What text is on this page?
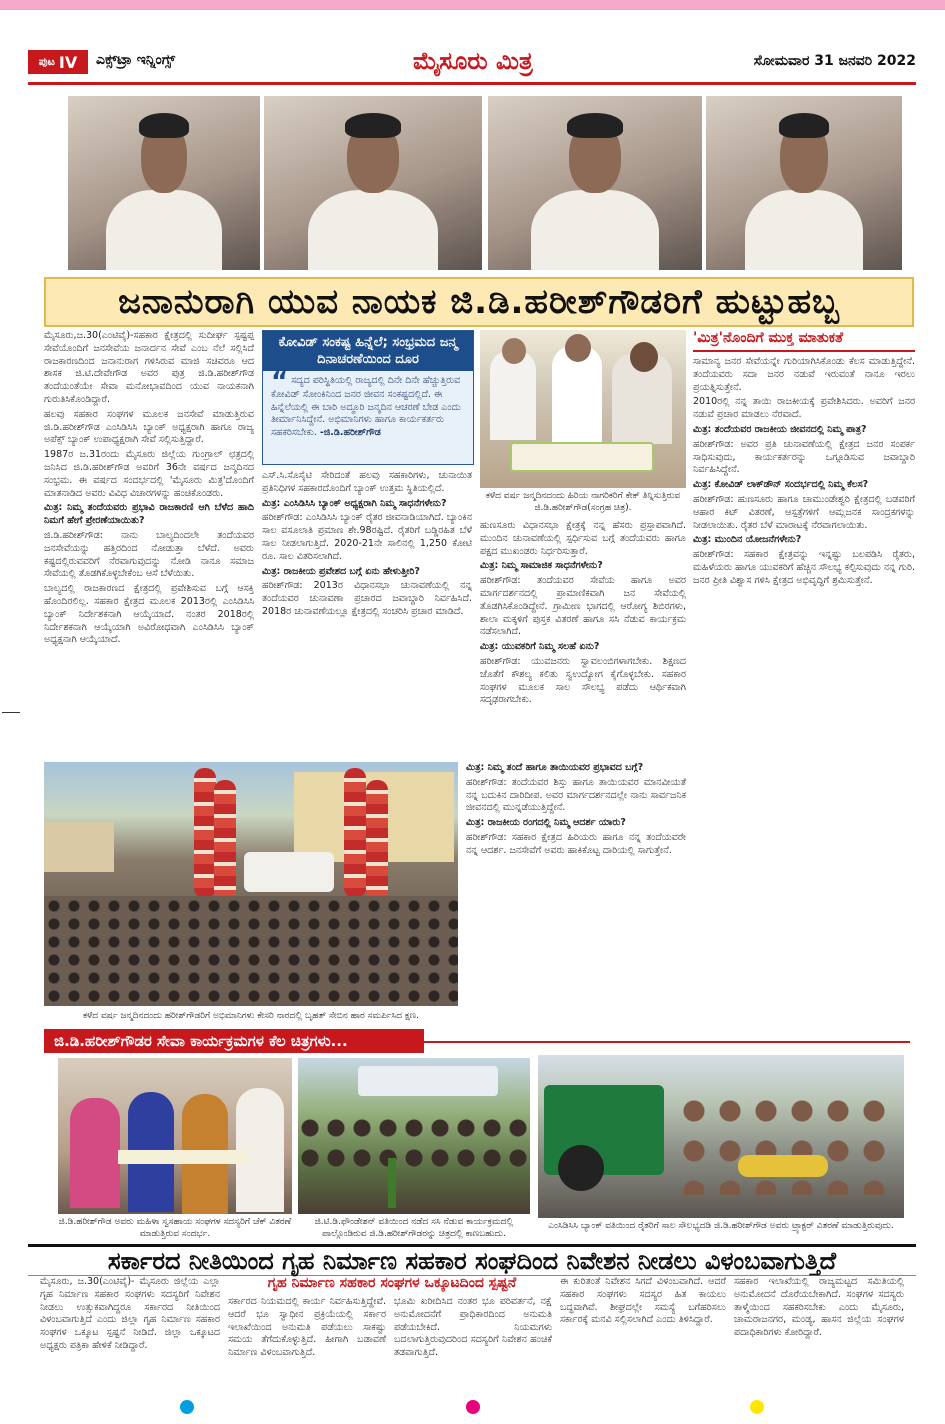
ಪುಟ IV ಎಕ್ಸ್‌ಟ್ರಾ ಇನ್ನಿಂಗ್ಸ್	ಮೈಸೂರು ಮಿತ್ರ	ಸೋಮವಾರ 31 ಜನವರಿ 2022
ಜನಾನುರಾಗಿ ಯುವ ನಾಯಕ ಜಿ.ಡಿ.ಹರೀಶ್‌ಗೌಡರಿಗೆ ಹುಟ್ಟುಹಬ್ಬ

ಮೈಸೂರು,ಜ.30(ಎಂಟಿವೈ)-ಸಹಕಾರ ಕ್ಷೇತ್ರದಲ್ಲಿ ಸುದೀರ್ಘ ಸ್ಪಷ್ಟಪ್ಪ ಸೇವೆಯೊಂದಿಗೆ ಜನಸೇವೆಯ ಜನಾರ್ದನ ಸೇವೆ ಎಂಬ ನೆಲೆ ಸಲ್ಲಿಸಿದೆ ರಾಜಕಾರಣದಿಂದ ಜನಾನುರಾಗ ಗಳಿಸಿರುವ ಮಾಜಿ ಸಚಿವರೂ ಆದ ಶಾಸಕ ಜಿ.ಟಿ.ದೇವೇಗೌಡ ಅವರ ಪುತ್ರ ಜಿ.ಡಿ.ಹರೀಶ್‌ಗೌಡ ತಂದೆಯಂತೆಯೇ ಸೇವಾ ಮನೋಭಾವದಿಂದ ಯುವ ನಾಯಕನಾಗಿ ಗುರುತಿಸಿಕೊಂಡಿದ್ದಾರೆ.

ಹಲವು ಸಹಕಾರ ಸಂಘಗಳ ಮೂಲಕ ಜನಸೇವೆ ಮಾಡುತ್ತಿರುವ ಜಿ.ಡಿ.ಹರೀಶ್‌ಗೌಡ ಎಂಸಿಡಿಸಿಸಿ ಬ್ಯಾಂಕ್ ಅಧ್ಯಕ್ಷರಾಗಿ ಹಾಗೂ ರಾಜ್ಯ ಅಪೆಕ್ಸ್ ಬ್ಯಾಂಕ್ ಉಪಾಧ್ಯಕ್ಷರಾಗಿ ಸೇವೆ ಸಲ್ಲಿಸುತ್ತಿದ್ದಾರೆ.

1987ರ ಜ.31ರಂದು ಮೈಸೂರು ಜಿಲ್ಲೆಯ ಗುಂಗ್ರಾಲ್ ಛತ್ರದಲ್ಲಿ ಜನಿಸಿದ ಜಿ.ಡಿ.ಹರೀಶ್‌ಗೌಡ ಅವರಿಗೆ 36ನೇ ವರ್ಷದ ಜನ್ಮದಿನದ ಸಂಭ್ರಮ. ಈ ವರ್ಷದ ಸಂದರ್ಭದಲ್ಲಿ 'ಮೈಸೂರು ಮಿತ್ರ'ದೊಂದಿಗೆ ಮಾತನಾಡಿದ ಅವರು ವಿವಿಧ ವಿಚಾರಗಳನ್ನು ಹಂಚಿಕೊಂಡರು.

ಮಿತ್ರ: ನಿಮ್ಮ ತಂದೆಯವರು ಪ್ರಭಾವಿ ರಾಜಕಾರಣಿ ಆಗಿ ಬೆಳೆದ ಹಾದಿ ನಿಮಗೆ ಹೇಗೆ ಪ್ರೇರಣೆಯಾಯಿತು?

ಜಿ.ಡಿ.ಹರೀಶ್‌ಗೌಡ: ನಾನು ಬಾಲ್ಯದಿಂದಲೇ ತಂದೆಯವರ ಜನಸೇವೆಯನ್ನು ಹತ್ತಿರದಿಂದ ನೋಡುತ್ತಾ ಬೆಳೆದೆ. ಅವರು ಕಷ್ಟದಲ್ಲಿರುವವರಿಗೆ ನೆರವಾಗುವುದನ್ನು ನೋಡಿ ನಾನೂ ಸಮಾಜ ಸೇವೆಯಲ್ಲಿ ತೊಡಗಿಕೊಳ್ಳಬೇಕೆಂಬ ಆಸೆ ಬೆಳೆಯಿತು.

ಬಾಲ್ಯದಲ್ಲಿ ರಾಜಕಾರಣದ ಕ್ಷೇತ್ರದಲ್ಲಿ ಪ್ರವೇಶಿಸುವ ಬಗ್ಗೆ ಆಸಕ್ತಿ ಹೊಂದಿರಲಿಲ್ಲ. ಸಹಕಾರ ಕ್ಷೇತ್ರದ ಮೂಲಕ 2013ರಲ್ಲಿ ಎಂಸಿಡಿಸಿಸಿ ಬ್ಯಾಂಕ್ ನಿರ್ದೇಶಕನಾಗಿ ಆಯ್ಕೆಯಾದೆ. ನಂತರ 2018ರಲ್ಲಿ ನಿರ್ದೇಶಕನಾಗಿ ಆಯ್ಕೆಯಾಗಿ ಅವಿರೋಧವಾಗಿ ಎಂಸಿಡಿಸಿಸಿ ಬ್ಯಾಂಕ್ ಅಧ್ಯಕ್ಷನಾಗಿ ಆಯ್ಕೆಯಾದೆ.

ಕೋವಿಡ್ ಸಂಕಷ್ಟ ಹಿನ್ನೆಲೆ; ಸಂಭ್ರಮದ ಜನ್ಮ ದಿನಾಚರಣೆಯಿಂದ ದೂರ
“ ಸದ್ಯದ ಪರಿಸ್ಥಿತಿಯಲ್ಲಿ ರಾಜ್ಯದಲ್ಲಿ ದಿನೇ ದಿನೇ ಹೆಚ್ಚುತ್ತಿರುವ ಕೋವಿಡ್ ಸೋಂಕಿನಿಂದ ಜನರ ಜೀವನ ಸಂಕಷ್ಟದಲ್ಲಿದೆ. ಈ ಹಿನ್ನೆಲೆಯಲ್ಲಿ ಈ ಬಾರಿ ಅದ್ಧೂರಿ ಜನ್ಮದಿನ ಆಚರಣೆ ಬೇಡ ಎಂದು ತೀರ್ಮಾನಿಸಿದ್ದೇನೆ. ಅಭಿಮಾನಿಗಳು ಹಾಗೂ ಕಾರ್ಯಕರ್ತರು ಸಹಕರಿಸಬೇಕು. -ಜಿ.ಡಿ.ಹರೀಶ್‌ಗೌಡ

ಎಸ್‌.ಸಿ.ಸೊಸೈಟಿ ಸೇರಿದಂತೆ ಹಲವು ಸಹಕಾರಿಗಳು, ಚುನಾಯಿತ ಪ್ರತಿನಿಧಿಗಳ ಸಹಕಾರದೊಂದಿಗೆ ಬ್ಯಾಂಕ್ ಉತ್ತಮ ಸ್ಥಿತಿಯಲ್ಲಿದೆ.

ಮಿತ್ರ: ಎಂಸಿಡಿಸಿಸಿ ಬ್ಯಾಂಕ್ ಅಧ್ಯಕ್ಷರಾಗಿ ನಿಮ್ಮ ಸಾಧನೆಗಳೇನು?

ಹರೀಶ್‌ಗೌಡ: ಎಂಸಿಡಿಸಿಸಿ ಬ್ಯಾಂಕ್ ರೈತರ ಜೀವನಾಡಿಯಾಗಿದೆ. ಬ್ಯಾಂಕಿನ ಸಾಲ ವಸೂಲಾತಿ ಪ್ರಮಾಣ ಶೇ.98ರಷ್ಟಿದೆ. ರೈತರಿಗೆ ಬಡ್ಡಿರಹಿತ ಬೆಳೆ ಸಾಲ ನೀಡಲಾಗುತ್ತಿದೆ. 2020-21ನೇ ಸಾಲಿನಲ್ಲಿ 1,250 ಕೋಟಿ ರೂ. ಸಾಲ ವಿತರಿಸಲಾಗಿದೆ.

ಮಿತ್ರ: ರಾಜಕೀಯ ಪ್ರವೇಶದ ಬಗ್ಗೆ ಏನು ಹೇಳುತ್ತೀರಿ?

ಹರೀಶ್‌ಗೌಡ: 2013ರ ವಿಧಾನಸಭಾ ಚುನಾವಣೆಯಲ್ಲಿ ನನ್ನ ತಂದೆಯವರ ಚುನಾವಣಾ ಪ್ರಚಾರದ ಜವಾಬ್ದಾರಿ ನಿರ್ವಹಿಸಿದೆ. 2018ರ ಚುನಾವಣೆಯಲ್ಲೂ ಕ್ಷೇತ್ರದಲ್ಲಿ ಸಂಚರಿಸಿ ಪ್ರಚಾರ ಮಾಡಿದೆ.

ಕಳೆದ ವರ್ಷ ಜನ್ಮದಿನದಂದು ಹಿರಿಯ ನಾಗರಿಕರಿಗೆ ಕೇಕ್ ತಿನ್ನಿಸುತ್ತಿರುವ ಜಿ.ಡಿ.ಹರೀಶ್‌ಗೌಡ(ಸಂಗ್ರಹ ಚಿತ್ರ).

ಹುಣಸೂರು ವಿಧಾನಸಭಾ ಕ್ಷೇತ್ರಕ್ಕೆ ನನ್ನ ಹೆಸರು ಪ್ರಸ್ತಾಪವಾಗಿದೆ. ಮುಂದಿನ ಚುನಾವಣೆಯಲ್ಲಿ ಸ್ಪರ್ಧಿಸುವ ಬಗ್ಗೆ ತಂದೆಯವರು ಹಾಗೂ ಪಕ್ಷದ ಮುಖಂಡರು ನಿರ್ಧರಿಸುತ್ತಾರೆ.

ಮಿತ್ರ: ನಿಮ್ಮ ಸಾಮಾಜಿಕ ಸಾಧನೆಗಳೇನು?

ಹರೀಶ್‌ಗೌಡ: ತಂದೆಯವರ ಸೇವೆಯ ಹಾಗೂ ಅವರ ಮಾರ್ಗದರ್ಶನದಲ್ಲಿ ಪ್ರಾಮಾಣಿಕವಾಗಿ ಜನ ಸೇವೆಯಲ್ಲಿ ತೊಡಗಿಸಿಕೊಂಡಿದ್ದೇನೆ. ಗ್ರಾಮೀಣ ಭಾಗದಲ್ಲಿ ಆರೋಗ್ಯ ಶಿಬಿರಗಳು, ಶಾಲಾ ಮಕ್ಕಳಿಗೆ ಪುಸ್ತಕ ವಿತರಣೆ ಹಾಗೂ ಸಸಿ ನೆಡುವ ಕಾರ್ಯಕ್ರಮ ನಡೆಸಲಾಗಿದೆ.

ಮಿತ್ರ: ಯುವಕರಿಗೆ ನಿಮ್ಮ ಸಲಹೆ ಏನು?

ಹರೀಶ್‌ಗೌಡ: ಯುವಜನರು ಸ್ವಾವಲಂಬಿಗಳಾಗಬೇಕು. ಶಿಕ್ಷಣದ ಜೊತೆಗೆ ಕೌಶಲ್ಯ ಕಲಿತು ಸ್ವಉದ್ಯೋಗ ಕೈಗೊಳ್ಳಬೇಕು. ಸಹಕಾರ ಸಂಘಗಳ ಮೂಲಕ ಸಾಲ ಸೌಲಭ್ಯ ಪಡೆದು ಆರ್ಥಿಕವಾಗಿ ಸದೃಢರಾಗಬೇಕು.

'ಮಿತ್ರ'ನೊಂದಿಗೆ ಮುಕ್ತ ಮಾತುಕತೆ

ಸಾಮಾನ್ಯ ಜನರ ಸೇವೆಯನ್ನೇ ಗುರಿಯಾಗಿಸಿಕೊಂಡು ಕೆಲಸ ಮಾಡುತ್ತಿದ್ದೇನೆ. ತಂದೆಯವರು ಸದಾ ಜನರ ನಡುವೆ ಇರುವಂತೆ ನಾನೂ ಇರಲು ಪ್ರಯತ್ನಿಸುತ್ತೇನೆ.

2010ರಲ್ಲಿ ನನ್ನ ತಾಯಿ ರಾಜಕೀಯಕ್ಕೆ ಪ್ರವೇಶಿಸಿದರು. ಅವರಿಗೆ ಜನರ ನಡುವೆ ಪ್ರಚಾರ ಮಾಡಲು ನೆರವಾದೆ.

ಮಿತ್ರ: ತಂದೆಯವರ ರಾಜಕೀಯ ಜೀವನದಲ್ಲಿ ನಿಮ್ಮ ಪಾತ್ರ?

ಹರೀಶ್‌ಗೌಡ: ಅವರ ಪ್ರತಿ ಚುನಾವಣೆಯಲ್ಲಿ ಕ್ಷೇತ್ರದ ಜನರ ಸಂಪರ್ಕ ಸಾಧಿಸುವುದು, ಕಾರ್ಯಕರ್ತರನ್ನು ಒಗ್ಗೂಡಿಸುವ ಜವಾಬ್ದಾರಿ ನಿರ್ವಹಿಸಿದ್ದೇನೆ.

ಮಿತ್ರ: ಕೋವಿಡ್ ಲಾಕ್‌ಡೌನ್ ಸಂದರ್ಭದಲ್ಲಿ ನಿಮ್ಮ ಕೆಲಸ?

ಹರೀಶ್‌ಗೌಡ: ಹುಣಸೂರು ಹಾಗೂ ಚಾಮುಂಡೇಶ್ವರಿ ಕ್ಷೇತ್ರದಲ್ಲಿ ಬಡವರಿಗೆ ಆಹಾರ ಕಿಟ್ ವಿತರಣೆ, ಆಸ್ಪತ್ರೆಗಳಿಗೆ ಆಮ್ಲಜನಕ ಸಾಂದ್ರಕಗಳನ್ನು ನೀಡಲಾಯಿತು. ರೈತರ ಬೆಳೆ ಮಾರಾಟಕ್ಕೆ ನೆರವಾಗಲಾಯಿತು.

ಮಿತ್ರ: ಮುಂದಿನ ಯೋಜನೆಗಳೇನು?

ಹರೀಶ್‌ಗೌಡ: ಸಹಕಾರ ಕ್ಷೇತ್ರವನ್ನು ಇನ್ನಷ್ಟು ಬಲಪಡಿಸಿ ರೈತರು, ಮಹಿಳೆಯರು ಹಾಗೂ ಯುವಕರಿಗೆ ಹೆಚ್ಚಿನ ಸೌಲಭ್ಯ ಕಲ್ಪಿಸುವುದು ನನ್ನ ಗುರಿ. ಜನರ ಪ್ರೀತಿ ವಿಶ್ವಾಸ ಗಳಿಸಿ ಕ್ಷೇತ್ರದ ಅಭಿವೃದ್ಧಿಗೆ ಶ್ರಮಿಸುತ್ತೇನೆ.

ಕಳೆದ ವರ್ಷ ಜನ್ಮದಿನದಂದು ಹರೀಶ್‌ಗೌಡರಿಗೆ ಅಭಿಮಾನಿಗಳು ಕೇಸರಿ ನಾರದಲ್ಲಿ ಬೃಹತ್ ಸೇಬಿನ ಹಾರ ಸಮರ್ಪಿಸಿದ ಕ್ಷಣ.

ಮಿತ್ರ: ನಿಮ್ಮ ತಂದೆ ಹಾಗೂ ತಾಯಿಯವರ ಪ್ರಭಾವದ ಬಗ್ಗೆ?

ಹರೀಶ್‌ಗೌಡ: ತಂದೆಯವರ ಶಿಸ್ತು ಹಾಗೂ ತಾಯಿಯವರ ಮಾನವೀಯತೆ ನನ್ನ ಬದುಕಿನ ದಾರಿದೀಪ. ಅವರ ಮಾರ್ಗದರ್ಶನದಲ್ಲೇ ನಾನು ಸಾರ್ವಜನಿಕ ಜೀವನದಲ್ಲಿ ಮುನ್ನಡೆಯುತ್ತಿದ್ದೇನೆ.

ಮಿತ್ರ: ರಾಜಕೀಯ ರಂಗದಲ್ಲಿ ನಿಮ್ಮ ಆದರ್ಶ ಯಾರು?

ಹರೀಶ್‌ಗೌಡ: ಸಹಕಾರ ಕ್ಷೇತ್ರದ ಹಿರಿಯರು ಹಾಗೂ ನನ್ನ ತಂದೆಯವರೇ ನನ್ನ ಆದರ್ಶ. ಜನಸೇವೆಗೆ ಅವರು ಹಾಕಿಕೊಟ್ಟ ದಾರಿಯಲ್ಲಿ ಸಾಗುತ್ತೇನೆ.

ಜಿ.ಡಿ.ಹರೀಶ್‌ಗೌಡರ ಸೇವಾ ಕಾರ್ಯಕ್ರಮಗಳ ಕೆಲ ಚಿತ್ರಗಳು...
ಜಿ.ಡಿ.ಹರೀಶ್‌ಗೌಡ ಅವರು ಮಹಿಳಾ ಸ್ವಸಹಾಯ ಸಂಘಗಳ ಸದಸ್ಯರಿಗೆ ಚೆಕ್ ವಿತರಣೆ ಮಾಡುತ್ತಿರುವ ಸಂದರ್ಭ.
ಜಿ.ಟಿ.ಡಿ.ಫೌಂಡೇಶನ್ ವತಿಯಿಂದ ನಡೆದ ಸಸಿ ನೆಡುವ ಕಾರ್ಯಕ್ರಮದಲ್ಲಿ ಪಾಲ್ಗೊಂಡಿರುವ ಜಿ.ಡಿ.ಹರೀಶ್‌ಗೌಡರನ್ನು ಚಿತ್ರದಲ್ಲಿ ಕಾಣಬಹುದು.
ಎಂಸಿಡಿಸಿಸಿ ಬ್ಯಾಂಕ್ ವತಿಯಿಂದ ರೈತರಿಗೆ ಸಾಲ ಸೌಲಭ್ಯದಡಿ ಜಿ.ಡಿ.ಹರೀಶ್‌ಗೌಡ ಅವರು ಟ್ರ್ಯಾಕ್ಟರ್ ವಿತರಣೆ ಮಾಡುತ್ತಿರುವುದು.
ಸರ್ಕಾರದ ನೀತಿಯಿಂದ ಗೃಹ ನಿರ್ಮಾಣ ಸಹಕಾರ ಸಂಘದಿಂದ ನಿವೇಶನ ನೀಡಲು ವಿಳಂಬವಾಗುತ್ತಿದೆ
ಗೃಹ ನಿರ್ಮಾಣ ಸಹಕಾರ ಸಂಘಗಳ ಒಕ್ಕೂಟದಿಂದ ಸ್ಪಷ್ಟನೆ
ಮೈಸೂರು, ಜ.30(ಎಂಟಿವೈ)- ಮೈಸೂರು ಜಿಲ್ಲೆಯ ಎಲ್ಲಾ ಗೃಹ ನಿರ್ಮಾಣ ಸಹಕಾರ ಸಂಘಗಳು ಸದಸ್ಯರಿಗೆ ನಿವೇಶನ ನೀಡಲು ಉತ್ಸುಕವಾಗಿದ್ದರೂ ಸರ್ಕಾರದ ನೀತಿಯಿಂದ ವಿಳಂಬವಾಗುತ್ತಿದೆ ಎಂದು ಜಿಲ್ಲಾ ಗೃಹ ನಿರ್ಮಾಣ ಸಹಕಾರ ಸಂಘಗಳ ಒಕ್ಕೂಟ ಸ್ಪಷ್ಟನೆ ನೀಡಿದೆ. ಜಿಲ್ಲಾ ಒಕ್ಕೂಟದ ಅಧ್ಯಕ್ಷರು ಪತ್ರಿಕಾ ಹೇಳಿಕೆ ನೀಡಿದ್ದಾರೆ.
ಸರ್ಕಾರದ ನಿಯಮದಲ್ಲಿ ಕಾರ್ಯ ನಿರ್ವಹಿಸುತ್ತಿದ್ದೇವೆ. ಆದರೆ ಭೂ ಸ್ವಾಧೀನ ಪ್ರಕ್ರಿಯೆಯಲ್ಲಿ ಸರ್ಕಾರ ಇಲಾಖೆಯಿಂದ ಅನುಮತಿ ಪಡೆಯಲು ಸಾಕಷ್ಟು ಸಮಯ ತೆಗೆದುಕೊಳ್ಳುತ್ತಿದೆ. ಹೀಗಾಗಿ ಬಡಾವಣೆ ನಿರ್ಮಾಣ ವಿಳಂಬವಾಗುತ್ತಿದೆ.
ಭೂಮಿ ಖರೀದಿಸಿದ ನಂತರ ಭೂ ಪರಿವರ್ತನೆ, ನಕ್ಷೆ ಅನುಮೋದನೆಗೆ ಪ್ರಾಧಿಕಾರದಿಂದ ಅನುಮತಿ ಪಡೆಯಬೇಕಿದೆ. ನಿಯಮಗಳು ಬದಲಾಗುತ್ತಿರುವುದರಿಂದ ಸದಸ್ಯರಿಗೆ ನಿವೇಶನ ಹಂಚಿಕೆ ತಡವಾಗುತ್ತಿದೆ.
ಈ ಕುರಿತಂತೆ ನಿವೇಶನ ಸಿಗದೆ ವಿಳಂಬವಾಗಿದೆ. ಆದರೆ ಸಹಕಾರ ಸಂಘಗಳು ಸದಸ್ಯರ ಹಿತ ಕಾಯಲು ಬದ್ಧವಾಗಿವೆ. ಶೀಘ್ರದಲ್ಲೇ ಸಮಸ್ಯೆ ಬಗೆಹರಿಸಲು ಸರ್ಕಾರಕ್ಕೆ ಮನವಿ ಸಲ್ಲಿಸಲಾಗಿದೆ ಎಂದು ತಿಳಿಸಿದ್ದಾರೆ.
ಸಹಕಾರ ಇಲಾಖೆಯಲ್ಲಿ ರಾಜ್ಯಮಟ್ಟದ ಸಮಿತಿಯಲ್ಲಿ ಅನುಮೋದನೆ ದೊರೆಯಬೇಕಾಗಿದೆ. ಸಂಘಗಳ ಸದಸ್ಯರು ತಾಳ್ಮೆಯಿಂದ ಸಹಕರಿಸಬೇಕು ಎಂದು ಮೈಸೂರು, ಚಾಮರಾಜನಗರ, ಮಂಡ್ಯ, ಹಾಸನ ಜಿಲ್ಲೆಯ ಸಂಘಗಳ ಪದಾಧಿಕಾರಿಗಳು ಕೋರಿದ್ದಾರೆ.
